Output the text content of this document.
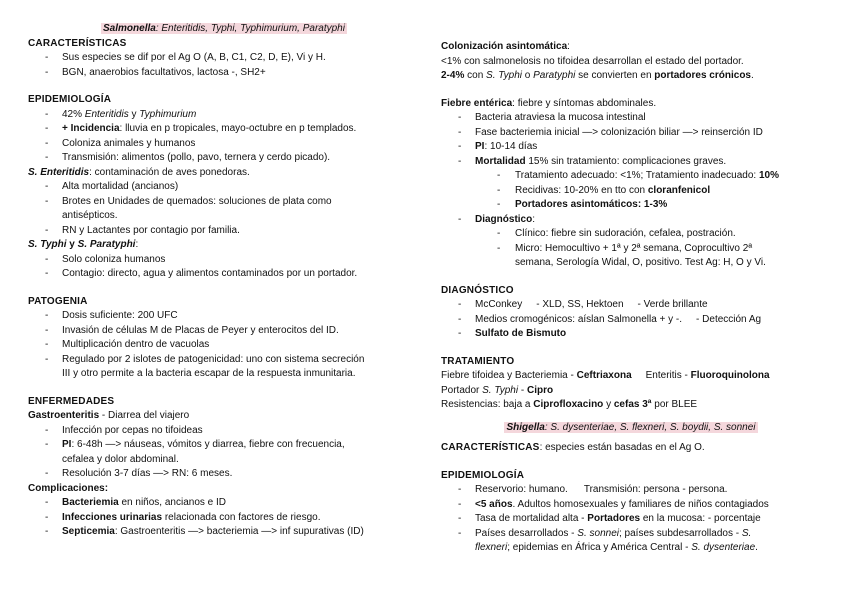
Salmonella: Enteritidis, Typhi, Typhimurium, Paratyphi

CARACTERÍSTICAS

- Sus especies se dif por el Ag O (A, B, C1, C2, D, E), Vi y H.

- BGN, anaerobios facultativos, lactosa -, SH2+

EPIDEMIOLOGÍA

- 42% Enteritidis y Typhimurium

- + Incidencia: lluvia en p tropicales, mayo-octubre en p templados.

- Coloniza animales y humanos

- Transmisión: alimentos (pollo, pavo, ternera y cerdo picado).

S. Enteritidis: contaminación de aves ponedoras.

- Alta mortalidad (ancianos)

- Brotes en Unidades de quemados: soluciones de plata como

antisépticos.

- RN y Lactantes por contagio por familia.

S. Typhi y S. Paratyphi:

- Solo coloniza humanos

- Contagio: directo, agua y alimentos contaminados por un portador.

PATOGENIA

- Dosis suficiente: 200 UFC

- Invasión de células M de Placas de Peyer y enterocitos del ID.

- Multiplicación dentro de vacuolas

- Regulado por 2 islotes de patogenicidad: uno con sistema secreción

III y otro permite a la bacteria escapar de la respuesta inmunitaria.

ENFERMEDADES

Gastroenteritis - Diarrea del viajero

- Infección por cepas no tifoideas

- PI: 6-48h —> náuseas, vómitos y diarrea, fiebre con frecuencia,

cefalea y dolor abdominal.

- Resolución 3-7 días —> RN: 6 meses.

Complicaciones:

- Bacteriemia en niños, ancianos e ID

- Infecciones urinarias relacionada con factores de riesgo.

- Septicemia: Gastroenteritis —> bacteriemia —> inf supurativas (ID)

Colonización asintomática:

<1% con salmonelosis no tifoidea desarrollan el estado del portador.

2-4% con S. Typhi o Paratyphi se convierten en portadores crónicos.

Fiebre entérica: fiebre y síntomas abdominales.

- Bacteria atraviesa la mucosa intestinal

- Fase bacteriemia inicial —> colonización biliar —> reinserción ID

- PI: 10-14 días

- Mortalidad 15% sin tratamiento: complicaciones graves.

- Tratamiento adecuado: <1%; Tratamiento inadecuado: 10%

- Recidivas: 10-20% en tto con cloranfenicol

- Portadores asintomáticos: 1-3%

- Diagnóstico:

- Clínico: fiebre sin sudoración, cefalea, postración.

- Micro: Hemocultivo + 1ª y 2ª semana, Coprocultivo 2ª

semana, Serología Widal, O, positivo. Test Ag: H, O y Vi.

DIAGNÓSTICO

- McConkey - XLD, SS, Hektoen - Verde brillante

- Medios cromogénicos: aíslan Salmonella + y -. - Detección Ag

- Sulfato de Bismuto

TRATAMIENTO

Fiebre tifoidea y Bacteriemia - Ceftriaxona Enteritis - Fluoroquinolona

Portador S. Typhi - Cipro

Resistencias: baja a Ciprofloxacino y cefas 3ª por BLEE

Shigella: S. dysenteriae, S. flexneri, S. boydii, S. sonnei

CARACTERÍSTICAS: especies están basadas en el Ag O.

EPIDEMIOLOGÍA

- Reservorio: humano. Transmisión: persona - persona.

- <5 años. Adultos homosexuales y familiares de niños contagiados

- Tasa de mortalidad alta - Portadores en la mucosa: - porcentaje

- Países desarrollados - S. sonnei; países subdesarrollados - S.

flexneri; epidemias en África y América Central - S. dysenteriae.
